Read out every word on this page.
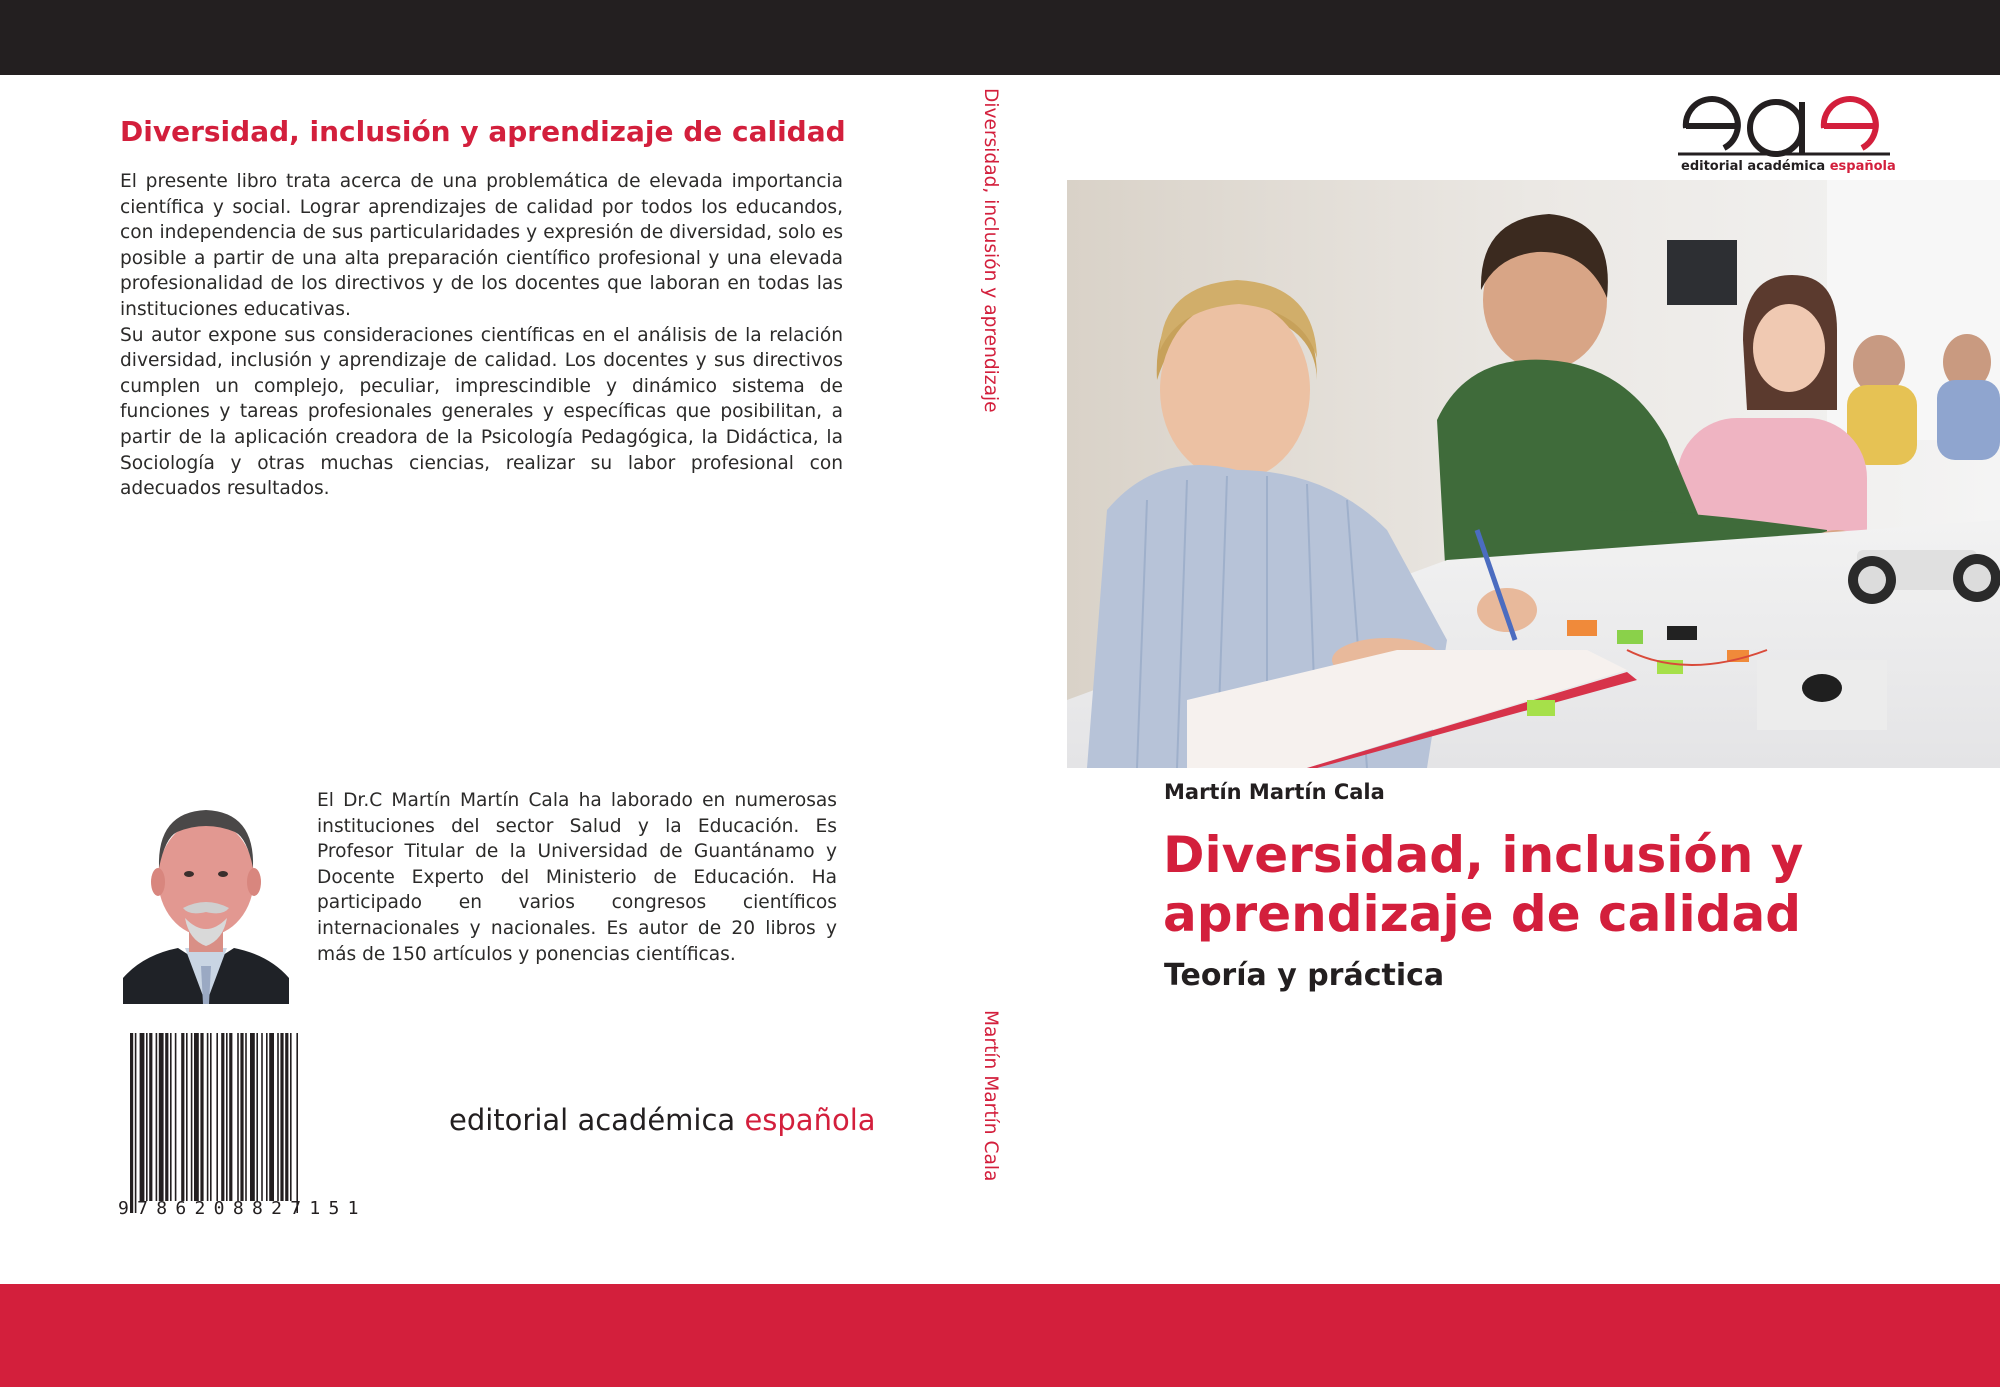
Diversidad, inclusión y aprendizaje de calidad

El presente libro trata acerca de una problemática de elevada importancia científica y social. Lograr aprendizajes de calidad por todos los educandos, con independencia de sus particularidades y expresión de diversidad, solo es posible a partir de una alta preparación científico profesional y una elevada profesionalidad de los directivos y de los docentes que laboran en todas las instituciones educativas.

Su autor expone sus consideraciones científicas en el análisis de la relación diversidad, inclusión y aprendizaje de calidad. Los docentes y sus directivos cumplen un complejo, peculiar, imprescindible y dinámico sistema de funciones y tareas profesionales generales y específicas que posibilitan, a partir de la aplicación creadora de la Psicología Pedagógica, la Didáctica, la Sociología y otras muchas ciencias, realizar su labor profesional con adecuados resultados.

El Dr.C Martín Martín Cala ha laborado en numerosas instituciones del sector Salud y la Educación. Es Profesor Titular de la Universidad de Guantánamo y Docente Experto del Ministerio de Educación. Ha participado en varios congresos científicos internacionales y nacionales. Es autor de 20 libros y más de 150 artículos y ponencias científicas.
9786208827151
editorial académica española
Diversidad, inclusión y aprendizaje
Martín Martín Cala
editorial académica española
Martín Martín Cala
Diversidad, inclusión y aprendizaje de calidad
Teoría y práctica
